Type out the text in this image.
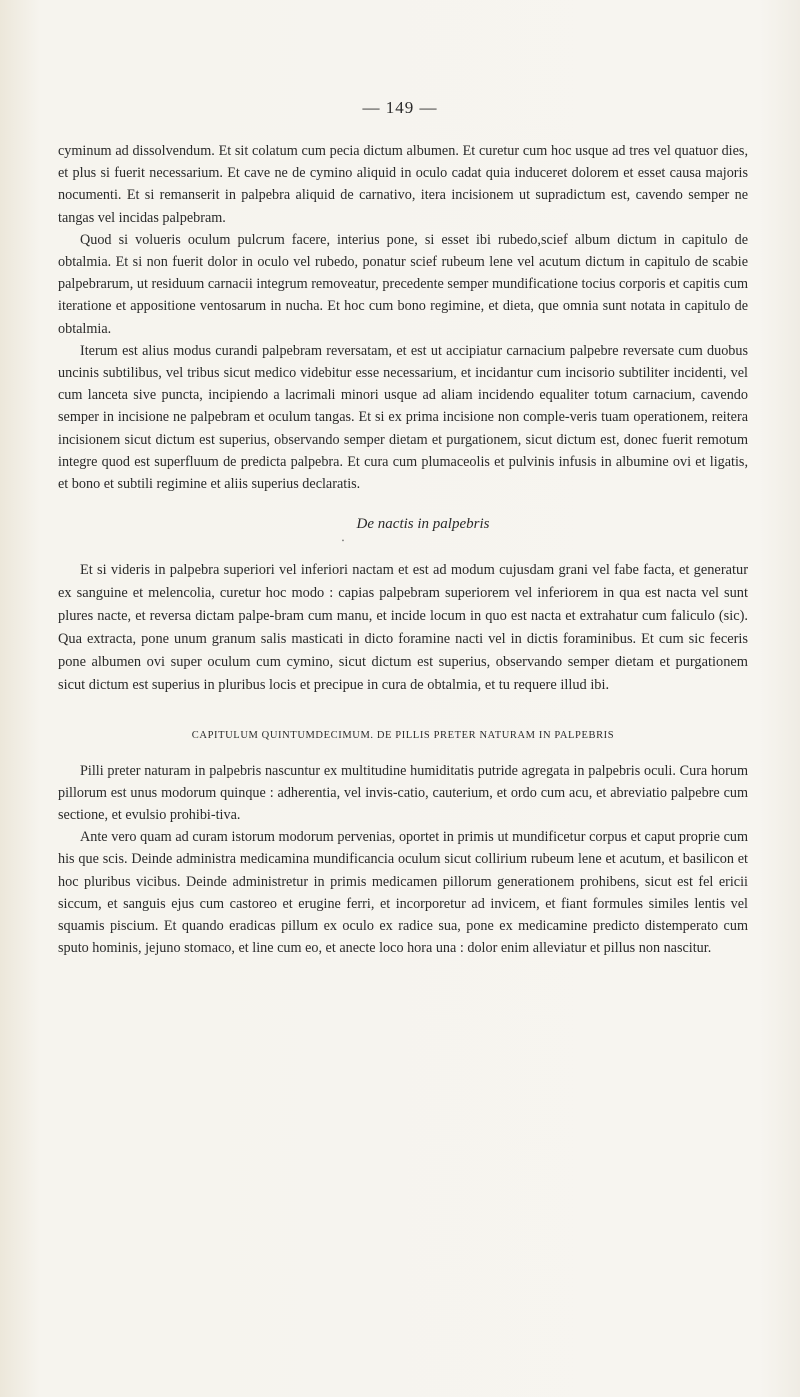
— 149 —

cyminum ad dissolvendum. Et sit colatum cum pecia dictum albumen. Et curetur cum hoc usque ad tres vel quatuor dies, et plus si fuerit necessarium. Et cave ne de cymino aliquid in oculo cadat quia induceret dolorem et esset causa majoris nocumenti. Et si remanserit in palpebra aliquid de carnativo, itera incisionem ut supradictum est, cavendo semper ne tangas vel incidas palpebram.

Quod si volueris oculum pulcrum facere, interius pone, si esset ibi rubedo,scief album dictum in capitulo de obtalmia. Et si non fuerit dolor in oculo vel rubedo, ponatur scief rubeum lene vel acutum dictum in capitulo de scabie palpebrarum, ut residuum carnacii integrum removeatur, precedente semper mundificatione tocius corporis et capitis cum iteratione et appositione ventosarum in nucha. Et hoc cum bono regimine, et dieta, que omnia sunt notata in capitulo de obtalmia.

Iterum est alius modus curandi palpebram reversatam, et est ut accipiatur carnacium palpebre reversate cum duobus uncinis subtilibus, vel tribus sicut medico videbitur esse necessarium, et incidantur cum incisorio subtiliter incidenti, vel cum lanceta sive puncta, incipiendo a lacrimali minori usque ad aliam incidendo equaliter totum carnacium, cavendo semper in incisione ne palpebram et oculum tangas. Et si ex prima incisione non comple-veris tuam operationem, reitera incisionem sicut dictum est superius, observando semper dietam et purgationem, sicut dictum est, donec fuerit remotum integre quod est superfluum de predicta palpebra. Et cura cum plumaceolis et pulvinis infusis in albumine ovi et ligatis, et bono et subtili regimine et aliis superius declaratis.

De nactis in palpebris
•

Et si videris in palpebra superiori vel inferiori nactam et est ad modum cujusdam grani vel fabe facta, et generatur ex sanguine et melencolia, curetur hoc modo : capias palpebram superiorem vel inferiorem in qua est nacta vel sunt plures nacte, et reversa dictam palpe-bram cum manu, et incide locum in quo est nacta et extrahatur cum faliculo (sic). Qua extracta, pone unum granum salis masticati in dicto foramine nacti vel in dictis foraminibus. Et cum sic feceris pone albumen ovi super oculum cum cymino, sicut dictum est superius, observando semper dietam et purgationem sicut dictum est superius in pluribus locis et precipue in cura de obtalmia, et tu requere illud ibi.

CAPITULUM QUINTUMDECIMUM. DE PILLIS PRETER NATURAM IN PALPEBRIS

Pilli preter naturam in palpebris nascuntur ex multitudine humiditatis putride agregata in palpebris oculi. Cura horum pillorum est unus modorum quinque : adherentia, vel invis-catio, cauterium, et ordo cum acu, et abreviatio palpebre cum sectione, et evulsio prohibi-tiva.

Ante vero quam ad curam istorum modorum pervenias, oportet in primis ut mundificetur corpus et caput proprie cum his que scis. Deinde administra medicamina mundificancia oculum sicut collirium rubeum lene et acutum, et basilicon et hoc pluribus vicibus. Deinde administretur in primis medicamen pillorum generationem prohibens, sicut est fel ericii siccum, et sanguis ejus cum castoreo et erugine ferri, et incorporetur ad invicem, et fiant formules similes lentis vel squamis piscium. Et quando eradicas pillum ex oculo ex radice sua, pone ex medicamine predicto distemperato cum sputo hominis, jejuno stomaco, et line cum eo, et anecte loco hora una : dolor enim alleviatur et pillus non nascitur.
